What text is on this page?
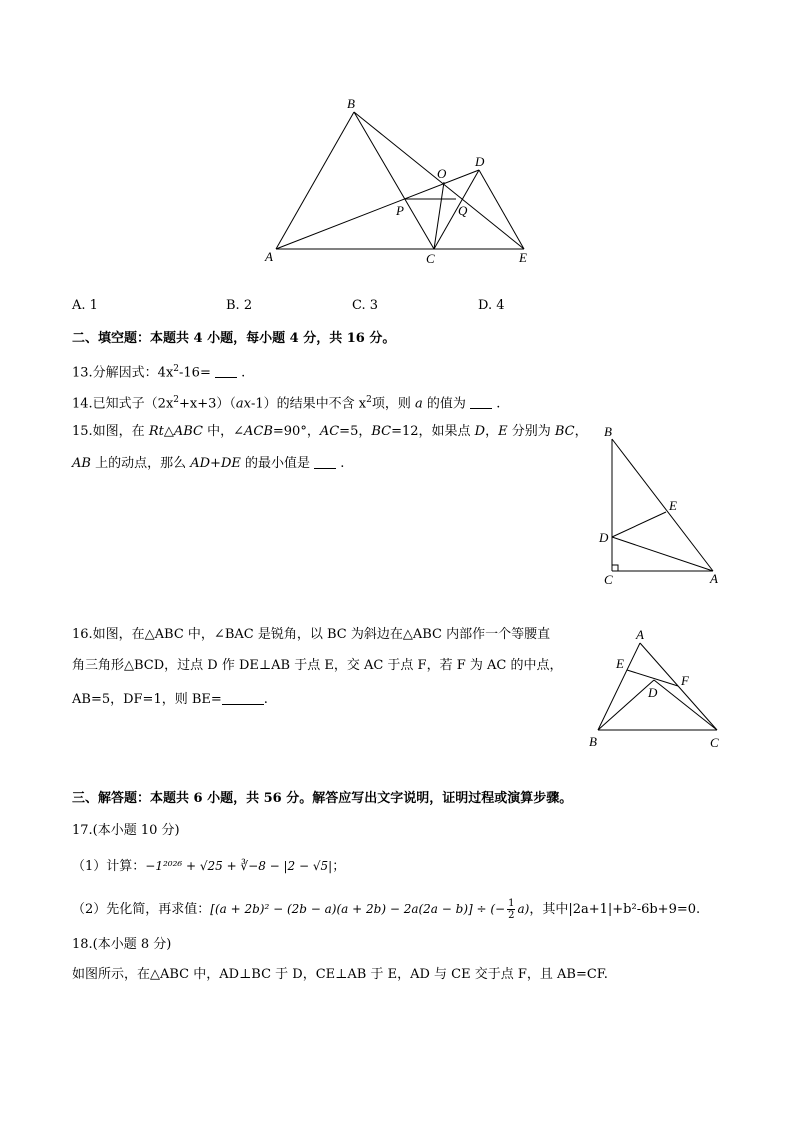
B
D
O
P	Q
A	C	E
A. 1	B. 2	C. 3	D. 4
二、填空题：本题共 4 小题，每小题 4 分，共 16 分。
13.分解因式：$4x^2-16=$  .
14.已知式子$(2x^2+x+3)(ax-1)$的结果中不含 $x^2$项，则 a 的值为  .
15.如图，在 Rt△ABC 中，∠ACB=90°，AC=5，BC=12，如果点 D，E 分别为 BC，
AB 上的动点，那么 AD+DE 的最小值是  .
B
E
D
C	A
16.如图，在△ABC 中，∠BAC 是锐角，以 BC 为斜边在△ABC 内部作一个等腰直
角三角形△BCD，过点 D 作 DE⊥AB 于点 E，交 AC 于点 F，若 F 为 AC 的中点，
AB=5，DF=1，则 BE=	.
A
E
F
D
B	C
三、解答题：本题共 6 小题，共 56 分。解答应写出文字说明，证明过程或演算步骤。
17.(本小题 10 分)
（1）计算：−1²⁰²⁶ + √25 + ∛−8 − |2 − √5|；
（2）先化简，再求值：[(a + 2b)² − (2b − a)(a + 2b) − 2a(2a − b)] ÷ (− $\frac{1}{2} a$)，其中|2a+1|+b²-6b+9=0.
18.(本小题 8 分)
如图所示，在△ABC 中，AD⊥BC 于 D，CE⊥AB 于 E，AD 与 CE 交于点 F，且 AB=CF.
